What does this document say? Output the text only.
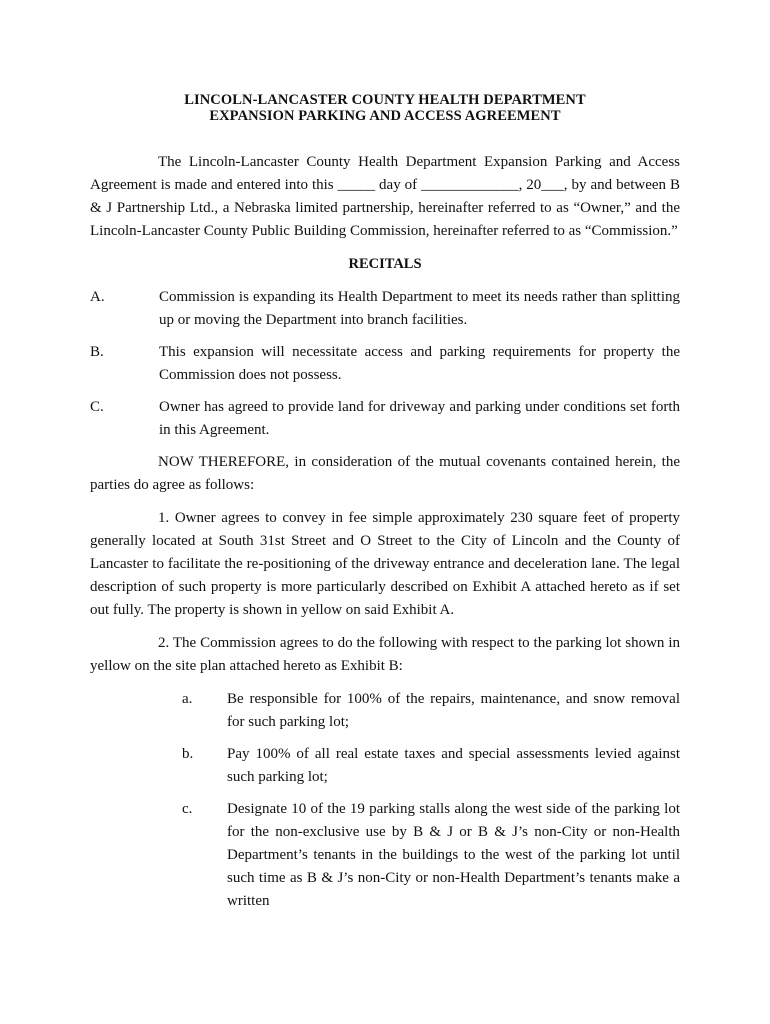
LINCOLN-LANCASTER COUNTY HEALTH DEPARTMENT
EXPANSION PARKING AND ACCESS AGREEMENT

The Lincoln-Lancaster County Health Department Expansion Parking and Access Agreement is made and entered into this _____ day of _____________, 20___, by and between B & J Partnership Ltd., a Nebraska limited partnership, hereinafter referred to as “Owner,” and the Lincoln-Lancaster County Public Building Commission, hereinafter referred to as “Commission.”

RECITALS
A.	Commission is expanding its Health Department to meet its needs rather than splitting up or moving the Department into branch facilities.

B.	This expansion will necessitate access and parking requirements for property the Commission does not possess.

C.	Owner has agreed to provide land for driveway and parking under conditions set forth in this Agreement.

NOW THEREFORE, in consideration of the mutual covenants contained herein, the parties do agree as follows:

1. Owner agrees to convey in fee simple approximately 230 square feet of property generally located at South 31st Street and O Street to the City of Lincoln and the County of Lancaster to facilitate the re-positioning of the driveway entrance and deceleration lane. The legal description of such property is more particularly described on Exhibit A attached hereto as if set out fully. The property is shown in yellow on said Exhibit A.

2. The Commission agrees to do the following with respect to the parking lot shown in yellow on the site plan attached hereto as Exhibit B:

a. Be responsible for 100% of the repairs, maintenance, and snow removal for such parking lot;

b. Pay 100% of all real estate taxes and special assessments levied against such parking lot;

c. Designate 10 of the 19 parking stalls along the west side of the parking lot for the non-exclusive use by B & J or B & J’s non-City or non-Health Department’s tenants in the buildings to the west of the parking lot until such time as B & J’s non-City or non-Health Department’s tenants make a written
